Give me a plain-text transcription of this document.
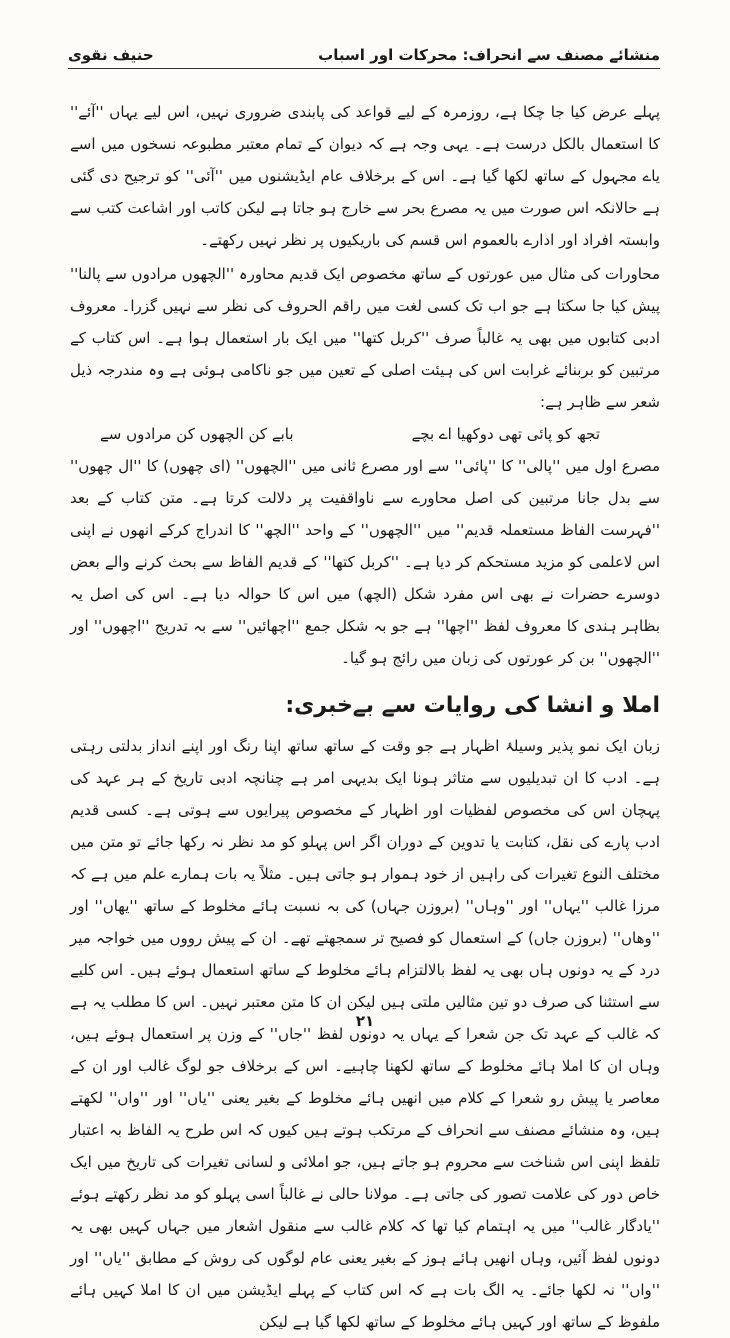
حنیف نقوی	منشائے مصنف سے انحراف: محرکات اور اسباب

پہلے عرض کیا جا چکا ہے، روزمرہ کے لیے قواعد کی پابندی ضروری نہیں، اس لیے یہاں ''آئے'' کا استعمال بالکل درست ہے۔ یہی وجہ ہے کہ دیوان کے تمام معتبر مطبوعہ نسخوں میں اسے یاے مجہول کے ساتھ لکھا گیا ہے۔ اس کے برخلاف عام ایڈیشنوں میں ''آئی'' کو ترجیح دی گئی ہے حالانکہ اس صورت میں یہ مصرع بحر سے خارج ہو جاتا ہے لیکن کاتب اور اشاعت کتب سے وابستہ افراد اور ادارے بالعموم اس قسم کی باریکیوں پر نظر نہیں رکھتے۔

محاورات کی مثال میں عورتوں کے ساتھ مخصوص ایک قدیم محاورہ ''الچھوں مرادوں سے پالنا'' پیش کیا جا سکتا ہے جو اب تک کسی لغت میں راقم الحروف کی نظر سے نہیں گزرا۔ معروف ادبی کتابوں میں بھی یہ غالباً صرف ''کربل کتھا'' میں ایک بار استعمال ہوا ہے۔ اس کتاب کے مرتبین کو بربنائے غرابت اس کی ہیئت اصلی کے تعین میں جو ناکامی ہوئی ہے وہ مندرجہ ذیل شعر سے ظاہر ہے:

تجھ کو پائی تھی دوکھیا اے بچے
بابے کن الچھوں کن مرادوں سے

مصرع اول میں ''پالی'' کا ''پائی'' سے اور مصرع ثانی میں ''الچھوں'' (ای چھوں) کا ''ال چھوں'' سے بدل جانا مرتبین کی اصل محاورے سے ناواقفیت پر دلالت کرتا ہے۔ متن کتاب کے بعد ''فہرست الفاظ مستعملہ قدیم'' میں ''الچھوں'' کے واحد ''الچھ'' کا اندراج کرکے انھوں نے اپنی اس لاعلمی کو مزید مستحکم کر دیا ہے۔ ''کربل کتھا'' کے قدیم الفاظ سے بحث کرنے والے بعض دوسرے حضرات نے بھی اس مفرد شکل (الچھ) میں اس کا حوالہ دیا ہے۔ اس کی اصل یہ بظاہر ہندی کا معروف لفظ ''اچھا'' ہے جو بہ شکل جمع ''اچھائیں'' سے بہ تدریج ''اچھوں'' اور ''الچھوں'' بن کر عورتوں کی زبان میں رائج ہو گیا۔

املا و انشا کی روایات سے بےخبری:

زبان ایک نمو پذیر وسیلۂ اظہار ہے جو وقت کے ساتھ ساتھ اپنا رنگ اور اپنے انداز بدلتی رہتی ہے۔ ادب کا ان تبدیلیوں سے متاثر ہونا ایک بدیہی امر ہے چنانچہ ادبی تاریخ کے ہر عہد کی پہچان اس کی مخصوص لفظیات اور اظہار کے مخصوص پیرایوں سے ہوتی ہے۔ کسی قدیم ادب پارے کی نقل، کتابت یا تدوین کے دوران اگر اس پہلو کو مد نظر نہ رکھا جائے تو متن میں مختلف النوع تغیرات کی راہیں از خود ہموار ہو جاتی ہیں۔ مثلاً یہ بات ہمارے علم میں ہے کہ مرزا غالب ''یہاں'' اور ''وہاں'' (بروزن جہاں) کی بہ نسبت ہائے مخلوط کے ساتھ ''یھاں'' اور ''وھاں'' (بروزن جاں) کے استعمال کو فصیح تر سمجھتے تھے۔ ان کے پیش رووں میں خواجہ میر درد کے یہ دونوں ہاں بھی یہ لفظ بالالتزام ہائے مخلوط کے ساتھ استعمال ہوئے ہیں۔ اس کلیے سے استثنا کی صرف دو تین مثالیں ملتی ہیں لیکن ان کا متن معتبر نہیں۔ اس کا مطلب یہ ہے کہ غالب کے عہد تک جن شعرا کے یہاں یہ دونوں لفظ ''جاں'' کے وزن پر استعمال ہوئے ہیں، وہاں ان کا املا ہائے مخلوط کے ساتھ لکھنا چاہیے۔ اس کے برخلاف جو لوگ غالب اور ان کے معاصر یا پیش رو شعرا کے کلام میں انھیں ہائے مخلوط کے بغیر یعنی ''یاں'' اور ''واں'' لکھتے ہیں، وہ منشائے مصنف سے انحراف کے مرتکب ہوتے ہیں کیوں کہ اس طرح یہ الفاظ بہ اعتبار تلفظ اپنی اس شناخت سے محروم ہو جاتے ہیں، جو املائی و لسانی تغیرات کی تاریخ میں ایک خاص دور کی علامت تصور کی جاتی ہے۔ مولانا حالی نے غالباً اسی پہلو کو مد نظر رکھتے ہوئے ''یادگار غالب'' میں یہ اہتمام کیا تھا کہ کلام غالب سے منقول اشعار میں جہاں کہیں بھی یہ دونوں لفظ آئیں، وہاں انھیں ہائے ہوز کے بغیر یعنی عام لوگوں کی روش کے مطابق ''یاں'' اور ''واں'' نہ لکھا جائے۔ یہ الگ بات ہے کہ اس کتاب کے پہلے ایڈیشن میں ان کا املا کہیں ہائے ملفوظ کے ساتھ اور کہیں ہائے مخلوط کے ساتھ لکھا گیا ہے لیکن

۲۱
